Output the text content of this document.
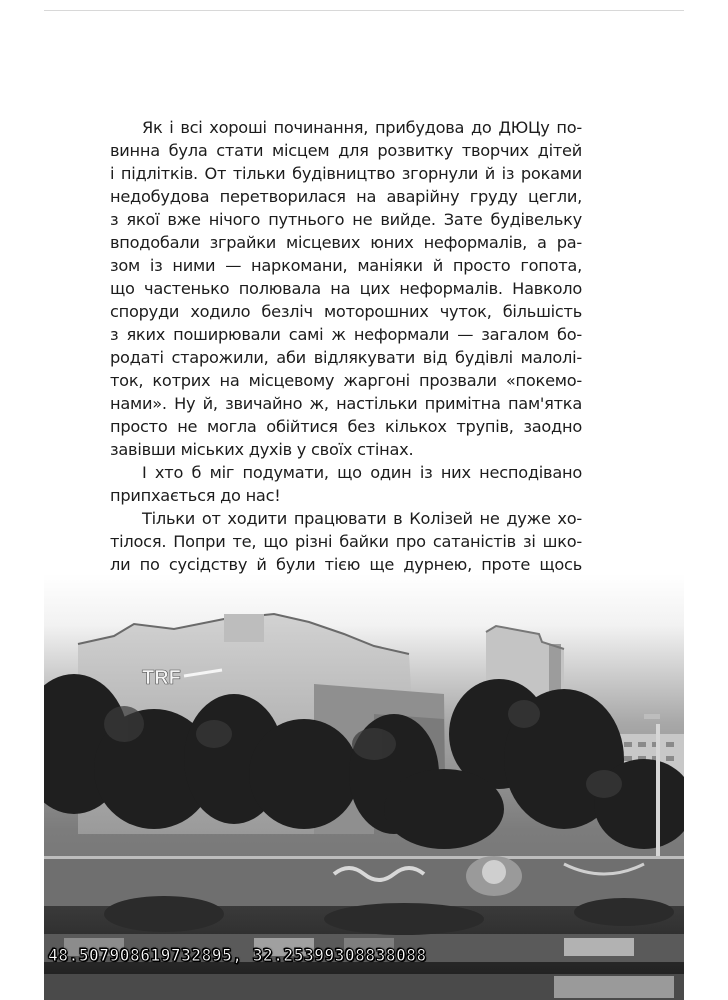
Як і всі хороші починання, прибудова до ДЮЦу по-
винна була стати місцем для розвитку творчих дітей
і підлітків. От тільки будівництво згорнули й із роками
недобудова перетворилася на аварійну груду цегли,
з якої вже нічого путнього не вийде. Зате будівельку
вподобали зграйки місцевих юних неформалів, а ра-
зом із ними — наркомани, маніяки й просто гопота,
що частенько полювала на цих неформалів. Навколо
споруди ходило безліч моторошних чуток, більшість
з яких поширювали самі ж неформали — загалом бо-
родаті старожили, аби відлякувати від будівлі малолі-
ток, котрих на місцевому жаргоні прозвали «покемо-
нами». Ну й, звичайно ж, настільки примітна пам'ятка
просто не могла обійтися без кількох трупів, заодно
завівши міських духів у своїх стінах.
І хто б міг подумати, що один із них несподівано
припхається до нас!
Тільки от ходити працювати в Колізей не дуже хо-
тілося. Попри те, що різні байки про сатаністів зі шко-
ли по сусідству й були тією ще дурнею, проте щось
TRF
48.50790861973289​5, 32.25399308838088
